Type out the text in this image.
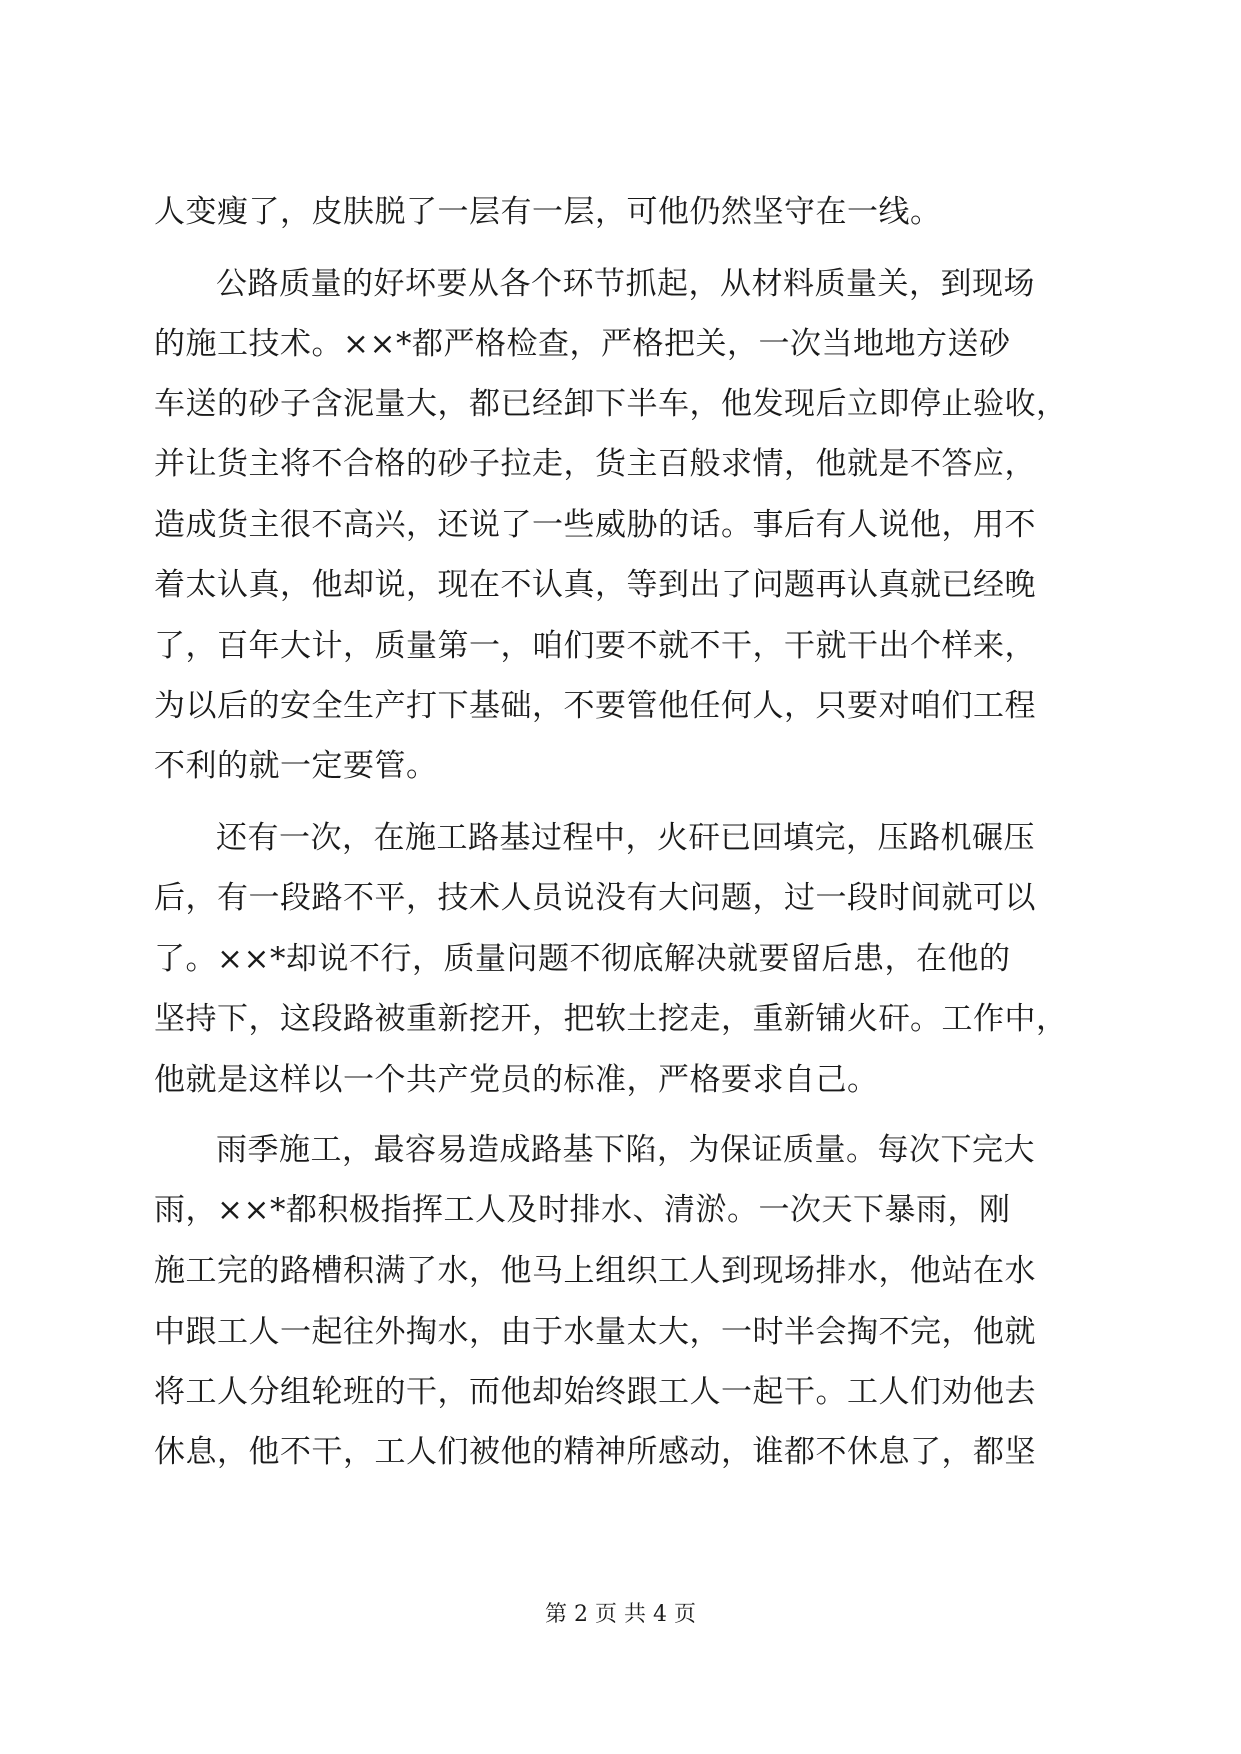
人变瘦了，皮肤脱了一层有一层，可他仍然坚守在一线。
公路质量的好坏要从各个环节抓起，从材料质量关，到现场
的施工技术。××*都严格检查，严格把关，一次当地地方送砂
车送的砂子含泥量大，都已经卸下半车，他发现后立即停止验收，
并让货主将不合格的砂子拉走，货主百般求情，他就是不答应，
造成货主很不高兴，还说了一些威胁的话。事后有人说他，用不
着太认真，他却说，现在不认真，等到出了问题再认真就已经晚
了，百年大计，质量第一，咱们要不就不干，干就干出个样来，
为以后的安全生产打下基础，不要管他任何人，只要对咱们工程
不利的就一定要管。
还有一次，在施工路基过程中，火矸已回填完，压路机碾压
后，有一段路不平，技术人员说没有大问题，过一段时间就可以
了。××*却说不行，质量问题不彻底解决就要留后患，在他的
坚持下，这段路被重新挖开，把软土挖走，重新铺火矸。工作中，
他就是这样以一个共产党员的标准，严格要求自己。
雨季施工，最容易造成路基下陷，为保证质量。每次下完大
雨，××*都积极指挥工人及时排水、清淤。一次天下暴雨，刚
施工完的路槽积满了水，他马上组织工人到现场排水，他站在水
中跟工人一起往外掏水，由于水量太大，一时半会掏不完，他就
将工人分组轮班的干，而他却始终跟工人一起干。工人们劝他去
休息，他不干，工人们被他的精神所感动，谁都不休息了，都坚
第 2 页 共 4 页
